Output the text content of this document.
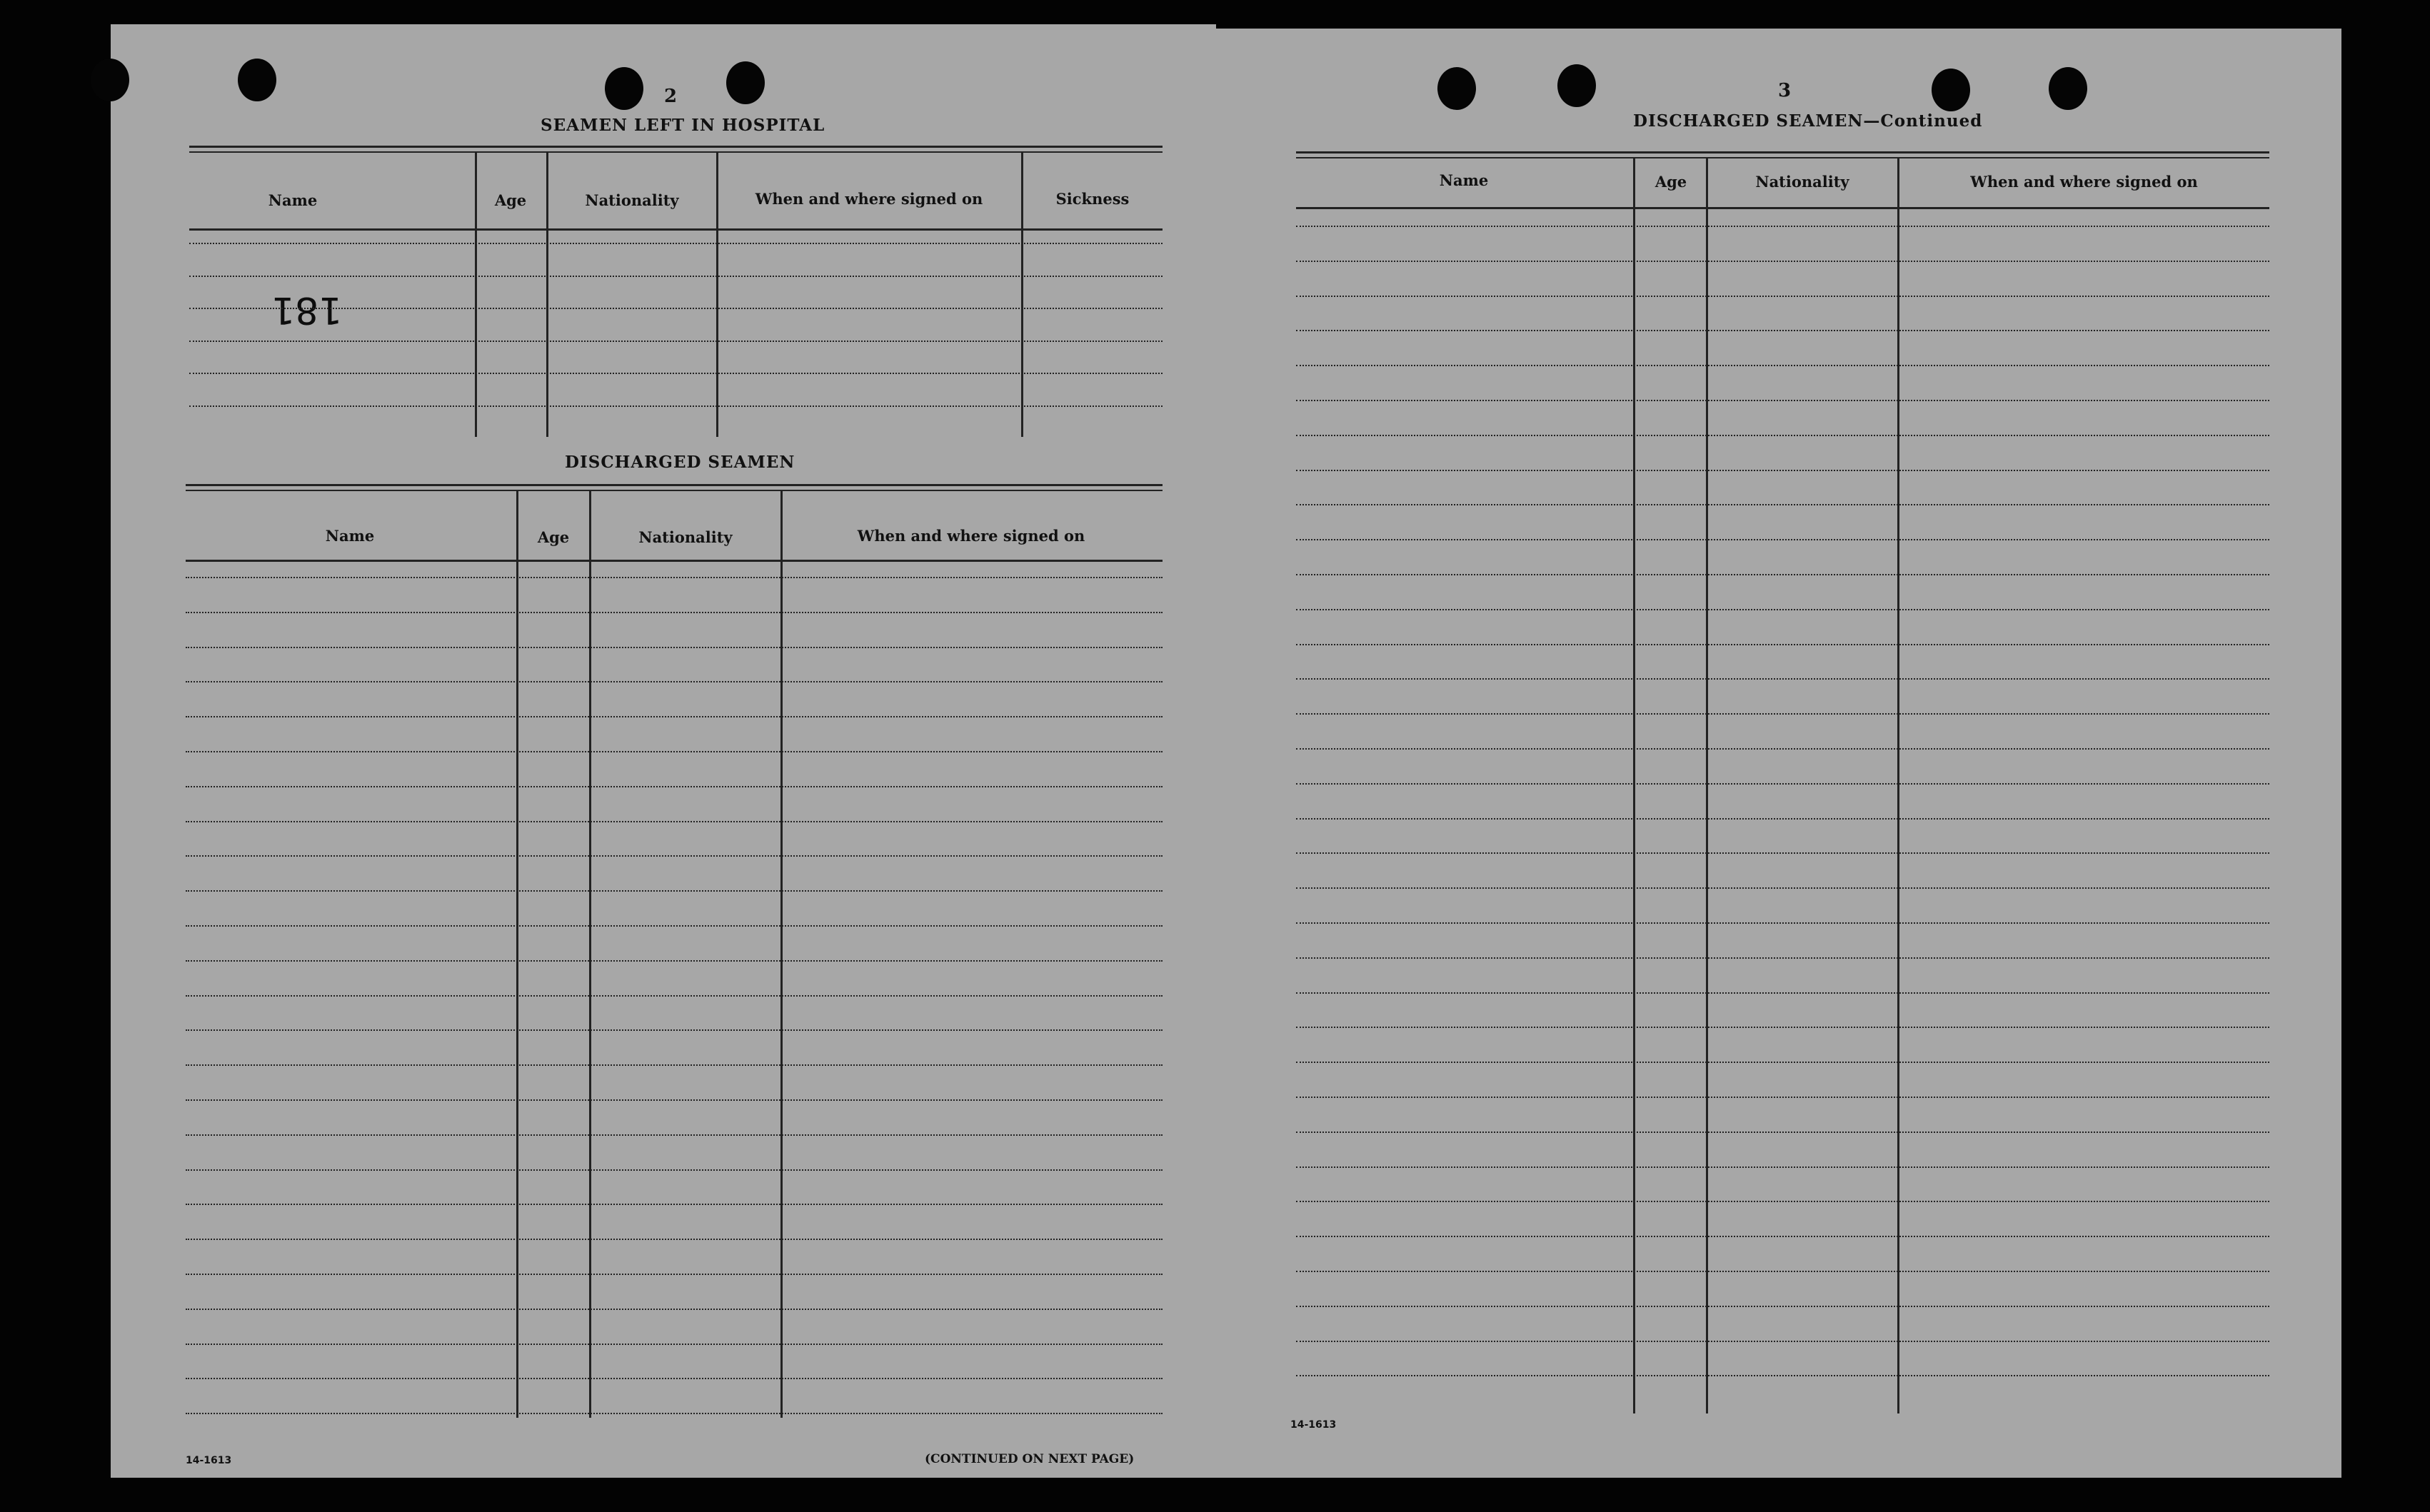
2
SEAMEN LEFT IN HOSPITAL
Name	Age	Nationality	When and where signed on	Sickness
181
DISCHARGED SEAMEN
Name	Age	Nationality	When and where signed on
14-1613	(CONTINUED ON NEXT PAGE)
3
DISCHARGED SEAMEN—Continued
Name	Age	Nationality	When and where signed on
14-1613
